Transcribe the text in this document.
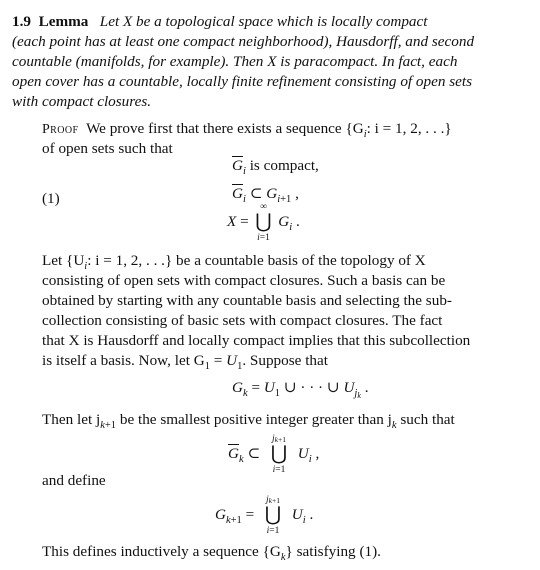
1.9 Lemma Let X be a topological space which is locally compact
(each point has at least one compact neighborhood), Hausdorff, and second
countable (manifolds, for example). Then X is paracompact. In fact, each
open cover has a countable, locally finite refinement consisting of open sets
with compact closures.
Proof We prove first that there exists a sequence {$G_i$: i = 1, 2, . . .}
of open sets such that
$\overline{G}_i$ is compact,
(1)	$\overline{G}_i$ ⊂ $G_{i+1}$ ,
X =
∞
⋃
i=1
$G_i$ .
Let {$U_i$: i = 1, 2, . . .} be a countable basis of the topology of X
consisting of open sets with compact closures. Such a basis can be
obtained by starting with any countable basis and selecting the sub-
collection consisting of basic sets with compact closures. The fact
that X is Hausdorff and locally compact implies that this subcollection
is itself a basis. Now, let $G_1 = U_1$. Suppose that
$G_k = U_1$ ∪ · · · ∪ $U_{jk}$ .
Then let $j_{k+1}$ be the smallest positive integer greater than $j_k$ such that
$\overline{G}_k$ ⊂
jk+1
⋃
i=1
$U_i$ ,
and define
$G_{k+1}$ =
jk+1
⋃
i=1
$U_i$ .
This defines inductively a sequence $\{G_k\}$ satisfying (1).
